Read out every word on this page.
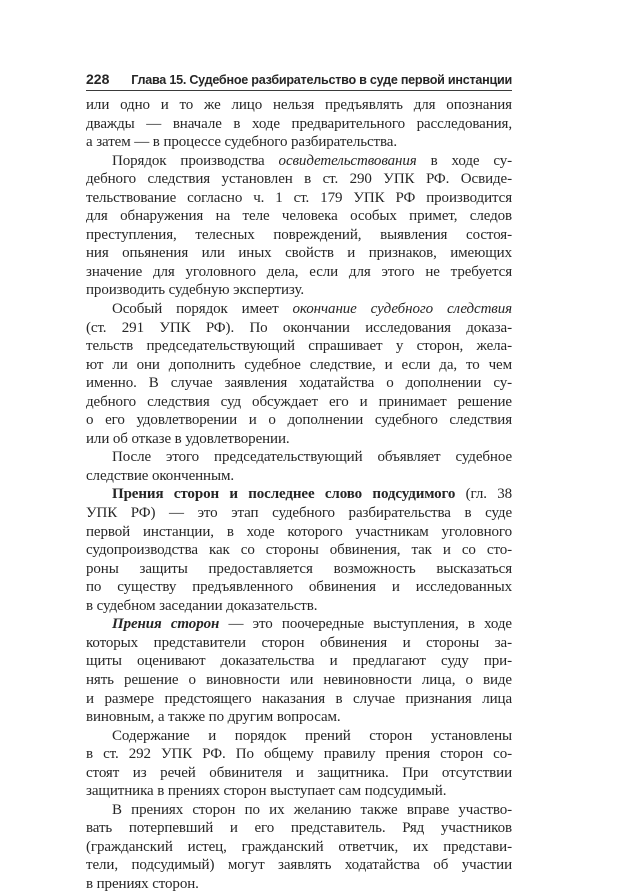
228	Глава 15. Судебное разбирательство в суде первой инстанции
или одно и то же лицо нельзя предъявлять для опознания
дважды — вначале в ходе предварительного расследования,
а затем — в процессе судебного разбирательства.
Порядок производства освидетельствования в ходе су-
дебного следствия установлен в ст. 290 УПК РФ. Освиде-
тельствование согласно ч. 1 ст. 179 УПК РФ производится
для обнаружения на теле человека особых примет, следов
преступления, телесных повреждений, выявления состоя-
ния опьянения или иных свойств и признаков, имеющих
значение для уголовного дела, если для этого не требуется
производить судебную экспертизу.
Особый порядок имеет окончание судебного следствия
(ст. 291 УПК РФ). По окончании исследования доказа-
тельств председательствующий спрашивает у сторон, жела-
ют ли они дополнить судебное следствие, и если да, то чем
именно. В случае заявления ходатайства о дополнении су-
дебного следствия суд обсуждает его и принимает решение
о его удовлетворении и о дополнении судебного следствия
или об отказе в удовлетворении.
После этого председательствующий объявляет судебное
следствие оконченным.
Прения сторон и последнее слово подсудимого (гл. 38
УПК РФ) — это этап судебного разбирательства в суде
первой инстанции, в ходе которого участникам уголовного
судопроизводства как со стороны обвинения, так и со сто-
роны защиты предоставляется возможность высказаться
по существу предъявленного обвинения и исследованных
в судебном заседании доказательств.
Прения сторон — это поочередные выступления, в ходе
которых представители сторон обвинения и стороны за-
щиты оценивают доказательства и предлагают суду при-
нять решение о виновности или невиновности лица, о виде
и размере предстоящего наказания в случае признания лица
виновным, а также по другим вопросам.
Содержание и порядок прений сторон установлены
в ст. 292 УПК РФ. По общему правилу прения сторон со-
стоят из речей обвинителя и защитника. При отсутствии
защитника в прениях сторон выступает сам подсудимый.
В прениях сторон по их желанию также вправе участво-
вать потерпевший и его представитель. Ряд участников
(гражданский истец, гражданский ответчик, их представи-
тели, подсудимый) могут заявлять ходатайства об участии
в прениях сторон.
